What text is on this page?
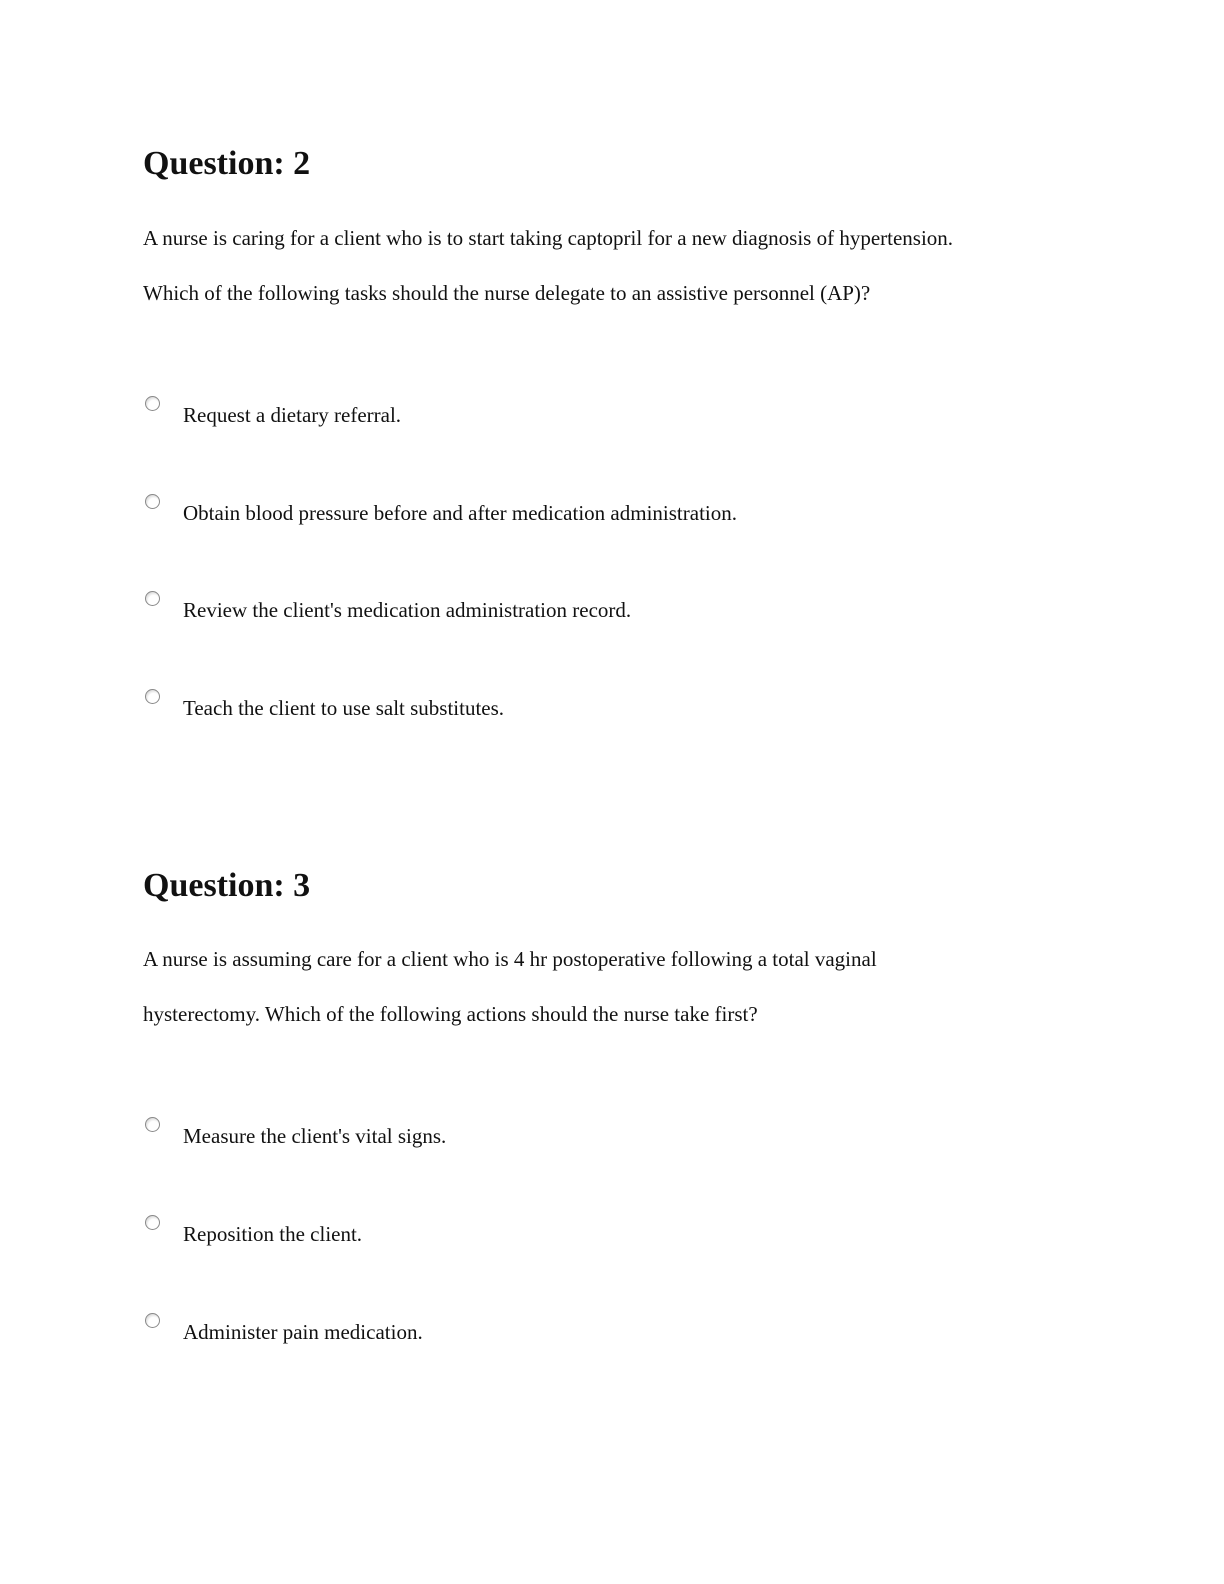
Question: 2

A nurse is caring for a client who is to start taking captopril for a new diagnosis of hypertension.

Which of the following tasks should the nurse delegate to an assistive personnel (AP)?

Request a dietary referral.
Obtain blood pressure before and after medication administration.
Review the client's medication administration record.
Teach the client to use salt substitutes.
Question: 3

A nurse is assuming care for a client who is 4 hr postoperative following a total vaginal

hysterectomy. Which of the following actions should the nurse take first?

Measure the client's vital signs.
Reposition the client.
Administer pain medication.
